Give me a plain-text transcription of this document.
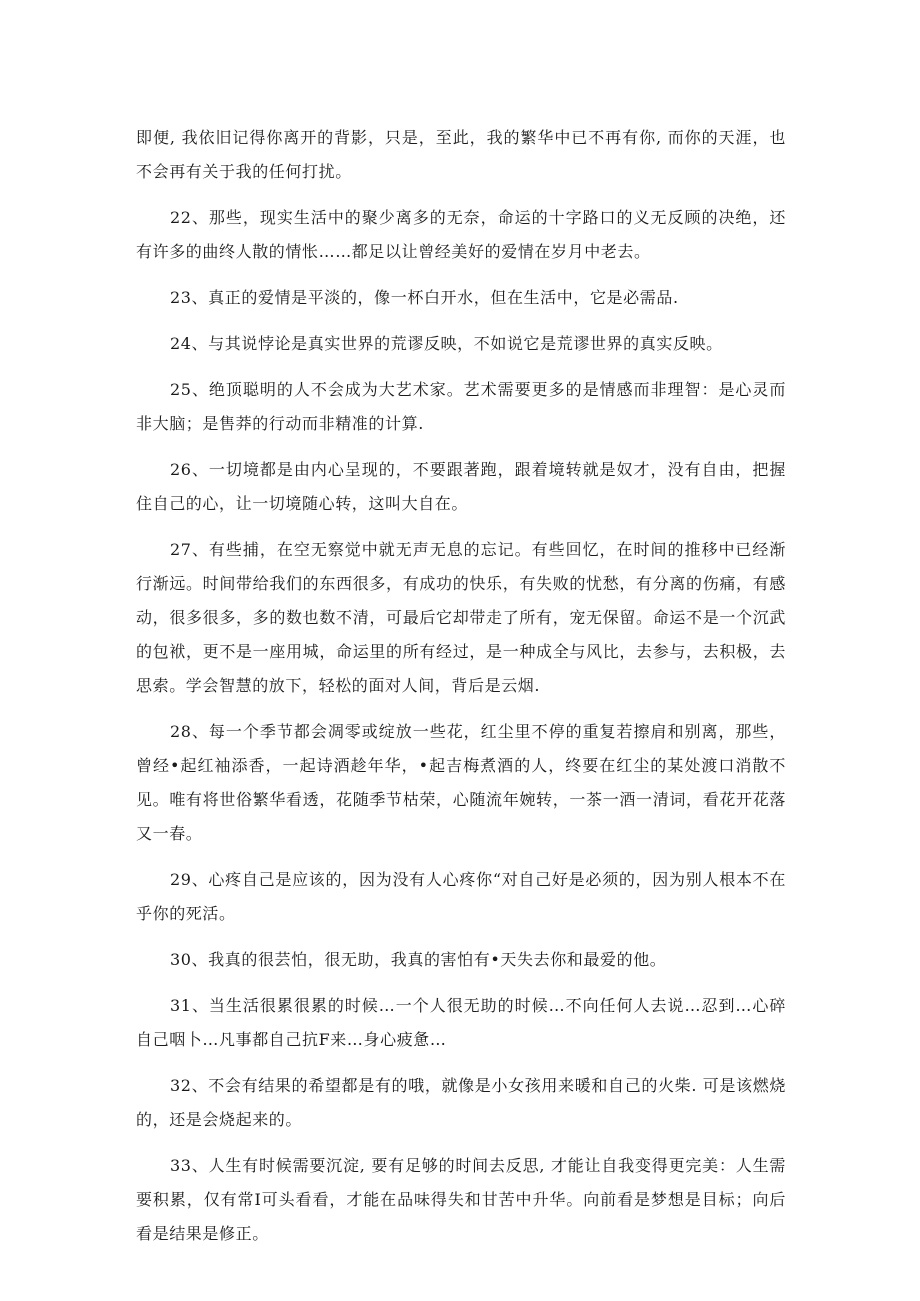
即便, 我依旧记得你离开的背影，只是，至此，我的繁华中已不再有你, 而你的天涯，也不会再有关于我的任何打扰。

22、那些，现实生活中的聚少离多的无奈，命运的十字路口的义无反顾的决绝，还有许多的曲终人散的情怅……都足以让曾经美好的爱情在岁月中老去。

23、真正的爱情是平淡的，像一杯白开水，但在生活中，它是必需品.

24、与其说悖论是真实世界的荒谬反映，不如说它是荒谬世界的真实反映。

25、绝顶聪明的人不会成为大艺术家。艺术需要更多的是情感而非理智：是心灵而非大脑；是售莽的行动而非精准的计算.

26、一切境都是由内心呈现的，不要跟著跑，跟着境转就是奴才，没有自由，把握住自己的心，让一切境随心转，这叫大自在。

27、有些捕，在空无察觉中就无声无息的忘记。有些回忆，在时间的推移中已经渐行渐远。时间带给我们的东西很多，有成功的快乐，有失败的忧愁，有分离的伤痛，有感动，很多很多，多的数也数不清，可最后它却带走了所有，宠无保留。命运不是一个沉武的包袱，更不是一座用城，命运里的所有经过，是一种成全与风比，去参与，去积极，去思索。学会智慧的放下，轻松的面对人间，背后是云烟.

28、每一个季节都会凋零或绽放一些花，红尘里不停的重复若擦肩和别离，那些，曾经•起红袖添香，一起诗酒趁年华，•起吉梅煮酒的人，终要在红尘的某处渡口消散不见。唯有将世俗繁华看透，花随季节枯荣，心随流年婉转，一茶一酒一清词，看花开花落又一春。

29、心疼自己是应该的，因为没有人心疼你“对自己好是必须的，因为别人根本不在乎你的死活。

30、我真的很芸怕，很无助，我真的害怕有•天失去你和最爱的他。

31、当生活很累很累的时候…一个人很无助的时候…不向任何人去说…忍到…心碎自己咽卜…凡事都自己抗F来…身心疲惫…

32、不会有结果的希望都是有的哦，就像是小女孩用来暖和自己的火柴. 可是该燃烧的，还是会烧起来的。

33、人生有时候需要沉淀, 要有足够的时间去反思, 才能让自我变得更完美：人生需要积累，仅有常I可头看看，才能在品味得失和甘苦中升华。向前看是梦想是目标；向后看是结果是修正。
